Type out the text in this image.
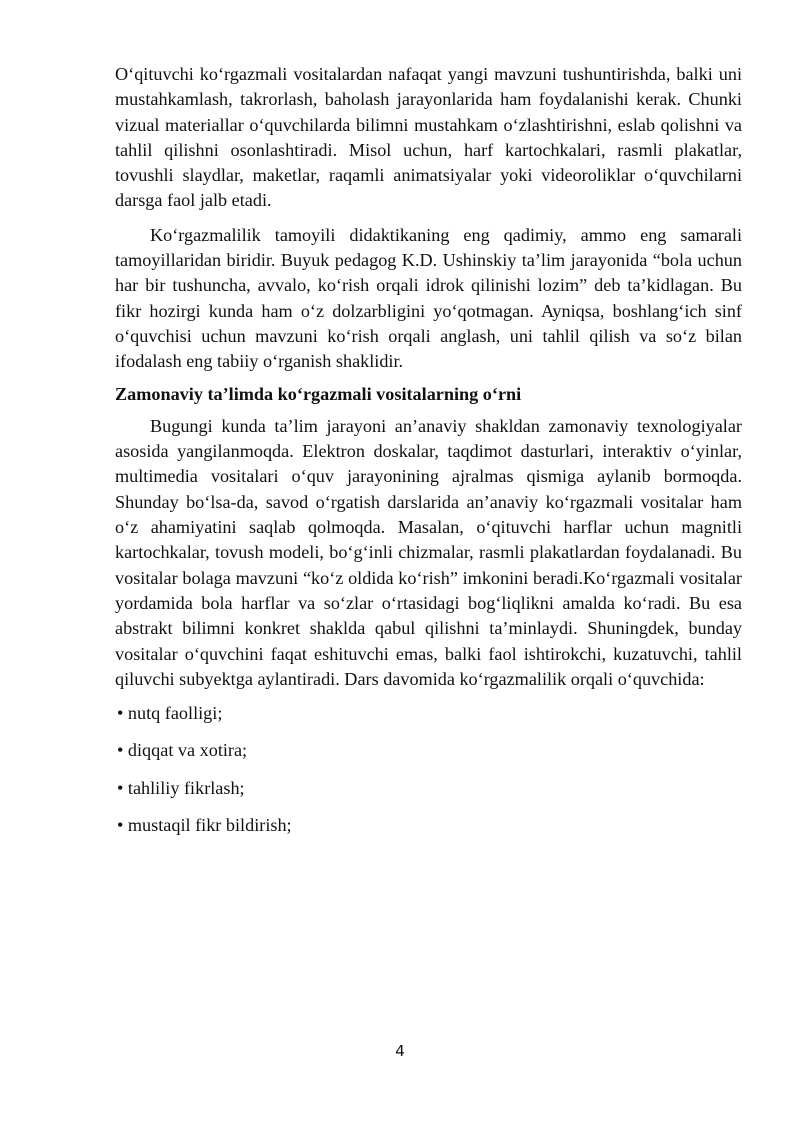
O‘qituvchi ko‘rgazmali vositalardan nafaqat yangi mavzuni tushuntirishda, balki uni mustahkamlash, takrorlash, baholash jarayonlarida ham foydalanishi kerak. Chunki vizual materiallar o‘quvchilarda bilimni mustahkam o‘zlashtirishni, eslab qolishni va tahlil qilishni osonlashtiradi. Misol uchun, harf kartochkalari, rasmli plakatlar, tovushli slaydlar, maketlar, raqamli animatsiyalar yoki videoroliklar o‘quvchilarni darsga faol jalb etadi.

Ko‘rgazmalilik tamoyili didaktikaning eng qadimiy, ammo eng samarali tamoyillaridan biridir. Buyuk pedagog K.D. Ushinskiy ta’lim jarayonida “bola uchun har bir tushuncha, avvalo, ko‘rish orqali idrok qilinishi lozim” deb ta’kidlagan. Bu fikr hozirgi kunda ham o‘z dolzarbligini yo‘qotmagan. Ayniqsa, boshlang‘ich sinf o‘quvchisi uchun mavzuni ko‘rish orqali anglash, uni tahlil qilish va so‘z bilan ifodalash eng tabiiy o‘rganish shaklidir.

Zamonaviy ta’limda ko‘rgazmali vositalarning o‘rni

Bugungi kunda ta’lim jarayoni an’anaviy shakldan zamonaviy texnologiyalar asosida yangilanmoqda. Elektron doskalar, taqdimot dasturlari, interaktiv o‘yinlar, multimedia vositalari o‘quv jarayonining ajralmas qismiga aylanib bormoqda. Shunday bo‘lsa-da, savod o‘rgatish darslarida an’anaviy ko‘rgazmali vositalar ham o‘z ahamiyatini saqlab qolmoqda. Masalan, o‘qituvchi harflar uchun magnitli kartochkalar, tovush modeli, bo‘g‘inli chizmalar, rasmli plakatlardan foydalanadi. Bu vositalar bolaga mavzuni “ko‘z oldida ko‘rish” imkonini beradi.Ko‘rgazmali vositalar yordamida bola harflar va so‘zlar o‘rtasidagi bog‘liqlikni amalda ko‘radi. Bu esa abstrakt bilimni konkret shaklda qabul qilishni ta’minlaydi. Shuningdek, bunday vositalar o‘quvchini faqat eshituvchi emas, balki faol ishtirokchi, kuzatuvchi, tahlil qiluvchi subyektga aylantiradi. Dars davomida ko‘rgazmalilik orqali o‘quvchida:

• nutq faolligi;
• diqqat va xotira;
• tahliliy fikrlash;
• mustaqil fikr bildirish;
4
